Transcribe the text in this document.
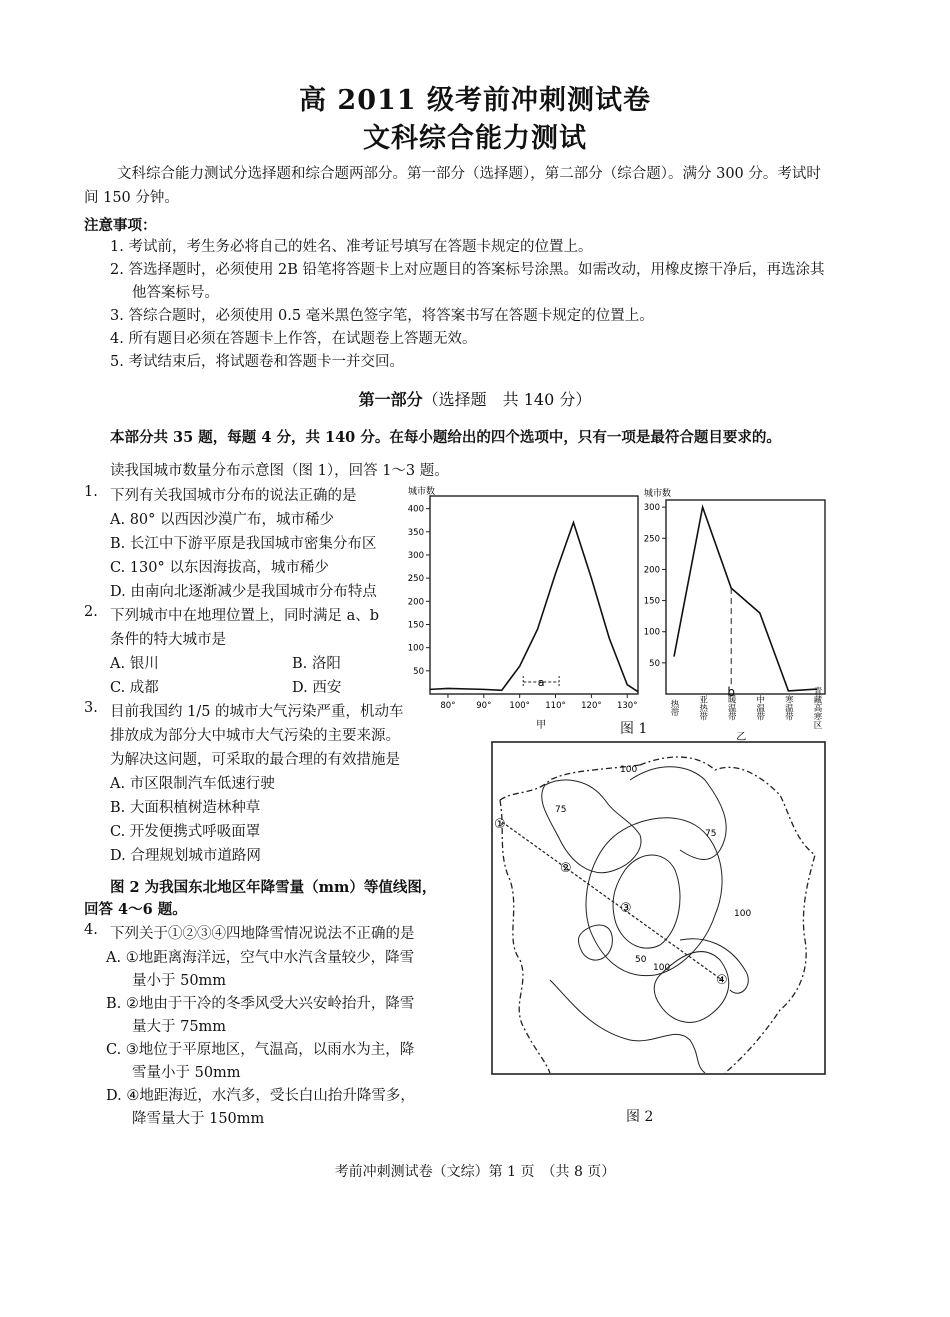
高 2011 级考前冲刺测试卷
文科综合能力测试
文科综合能力测试分选择题和综合题两部分。第一部分（选择题），第二部分（综合题）。满分 300 分。考试时间 150 分钟。
注意事项：
1. 考试前，考生务必将自己的姓名、准考证号填写在答题卡规定的位置上。
2. 答选择题时，必须使用 2B 铅笔将答题卡上对应题目的答案标号涂黑。如需改动，用橡皮擦干净后，再选涂其他答案标号。
3. 答综合题时，必须使用 0.5 毫米黑色签字笔，将答案书写在答题卡规定的位置上。
4. 所有题目必须在答题卡上作答，在试题卷上答题无效。
5. 考试结束后，将试题卷和答题卡一并交回。
第一部分（选择题　共 140 分）
本部分共 35 题，每题 4 分，共 140 分。在每小题给出的四个选项中，只有一项是最符合题目要求的。
读我国城市数量分布示意图（图 1），回答 1～3 题。
1. 下列有关我国城市分布的说法正确的是
A. 80° 以西因沙漠广布，城市稀少
B. 长江中下游平原是我国城市密集分布区
C. 130° 以东因海拔高，城市稀少
D. 由南向北逐渐减少是我国城市分布特点
2. 下列城市中在地理位置上，同时满足 a、b
条件的特大城市是
A. 银川	B. 洛阳
C. 成都	D. 西安
3. 目前我国约 1/5 的城市大气污染严重，机动车
排放成为部分大中城市大气污染的主要来源。
为解决这问题，可采取的最合理的有效措施是
A. 市区限制汽车低速行驶
B. 大面积植树造林种草
C. 开发便携式呼吸面罩
D. 合理规划城市道路网
图 2 为我国东北地区年降雪量（mm）等值线图，
回答 4～6 题。
4. 下列关于①②③④四地降雪情况说法不正确的是
A. ①地距离海洋远，空气中水汽含量较少，降雪
量小于 50mm
B. ②地由于干冷的冬季风受大兴安岭抬升，降雪
量大于 75mm
C. ③地位于平原地区，气温高，以雨水为主，降
雪量小于 50mm
D. ④地距海近，水汽多，受长白山抬升降雪多，
降雪量大于 150mm
城市数
50
100
150
200
250
300
350
400
80° 90° 100° 110° 120° 130°
a
甲
城市数
50
100
150
200
250
300
b
热带 亚热带 暖温带 中温带 寒温带 青藏高寒区
乙
图 1
100
75
75
50
100
100
①
②
③
④
图 2
考前冲刺测试卷（文综）第 1 页　（共 8 页）
